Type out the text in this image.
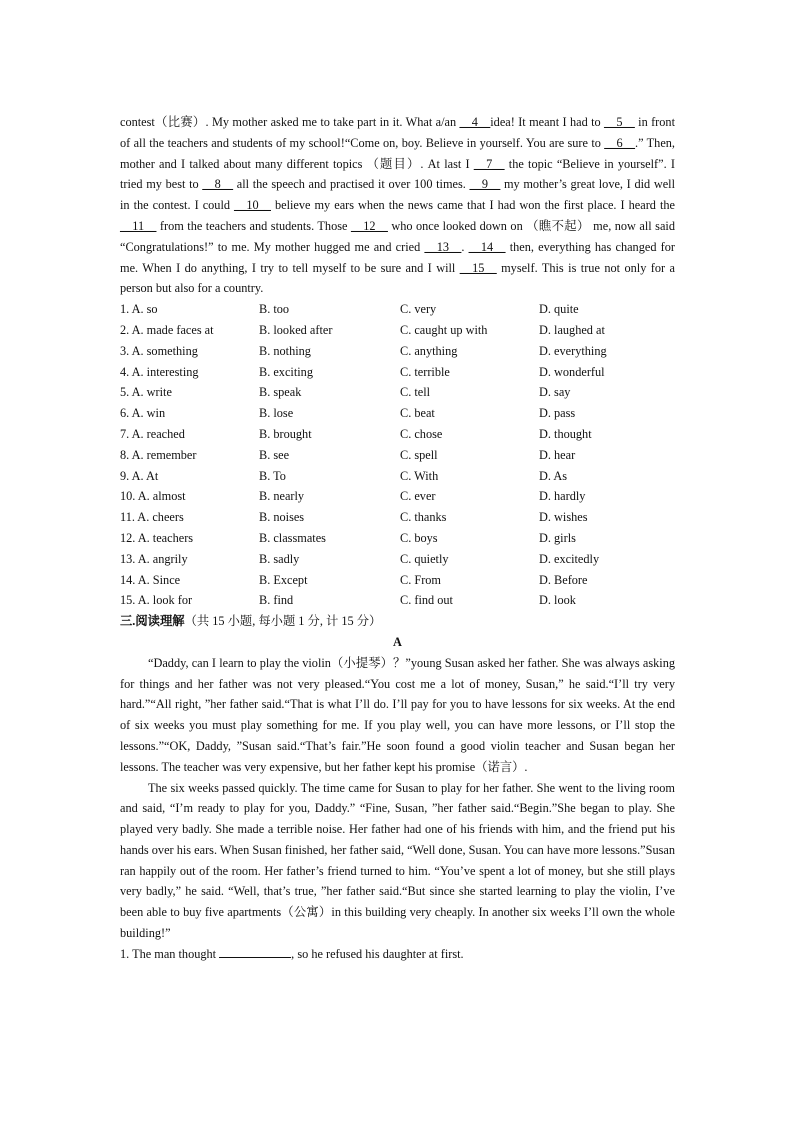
contest（比赛）. My mother asked me to take part in it. What a/an __4__idea! It meant I had to __5__ in front of all the teachers and students of my school!“Come on, boy. Believe in yourself. You are sure to __6__.” Then, mother and I talked about many different topics （题目）. At last I __7__ the topic “Believe in yourself”. I tried my best to __8__ all the speech and practised it over 100 times. __9__ my mother’s great love, I did well in the contest. I could __10__ believe my ears when the news came that I had won the first place. I heard the __11__ from the teachers and students. Those __12__ who once looked down on （瞧不起） me, now all said “Congratulations!” to me. My mother hugged me and cried __13__. __14__ then, everything has changed for me. When I do anything, I try to tell myself to be sure and I will __15__ myself. This is true not only for a person but also for a country.

1. A. so	B. too	C. very	D. quite
2. A. made faces at	B. looked after	C. caught up with	D. laughed at
3. A. something	B. nothing	C. anything	D. everything
4. A. interesting	B. exciting	C. terrible	D. wonderful
5. A. write	B. speak	C. tell	D. say
6. A. win	B. lose	C. beat	D. pass
7. A. reached	B. brought	C. chose	D. thought
8. A. remember	B. see	C. spell	D. hear
9. A. At	B. To	C. With	D. As
10. A. almost	B. nearly	C. ever	D. hardly
11. A. cheers	B. noises	C. thanks	D. wishes
12. A. teachers	B. classmates	C. boys	D. girls
13. A. angrily	B. sadly	C. quietly	D. excitedly
14. A. Since	B. Except	C. From	D. Before
15. A. look for	B. find	C. find out	D. look

三.阅读理解（共 15 小题, 每小题 1 分, 计 15 分）

A

“Daddy, can I learn to play the violin（小提琴）？”young Susan asked her father. She was always asking for things and her father was not very pleased.“You cost me a lot of money, Susan,” he said.“I’ll try very hard.”“All right, ”her father said.“That is what I’ll do. I’ll pay for you to have lessons for six weeks. At the end of six weeks you must play something for me. If you play well, you can have more lessons, or I’ll stop the lessons.”“OK, Daddy, ”Susan said.“That’s fair.”He soon found a good violin teacher and Susan began her lessons. The teacher was very expensive, but her father kept his promise（诺言）.

The six weeks passed quickly. The time came for Susan to play for her father. She went to the living room and said, “I’m ready to play for you, Daddy.” “Fine, Susan, ”her father said.“Begin.”She began to play. She played very badly. She made a terrible noise. Her father had one of his friends with him, and the friend put his hands over his ears. When Susan finished, her father said, “Well done, Susan. You can have more lessons.”Susan ran happily out of the room. Her father’s friend turned to him. “You’ve spent a lot of money, but she still plays very badly,” he said. “Well, that’s true, ”her father said.“But since she started learning to play the violin, I’ve been able to buy five apartments（公寓）in this building very cheaply. In another six weeks I’ll own the whole building!”

1. The man thought	, so he refused his daughter at first.
